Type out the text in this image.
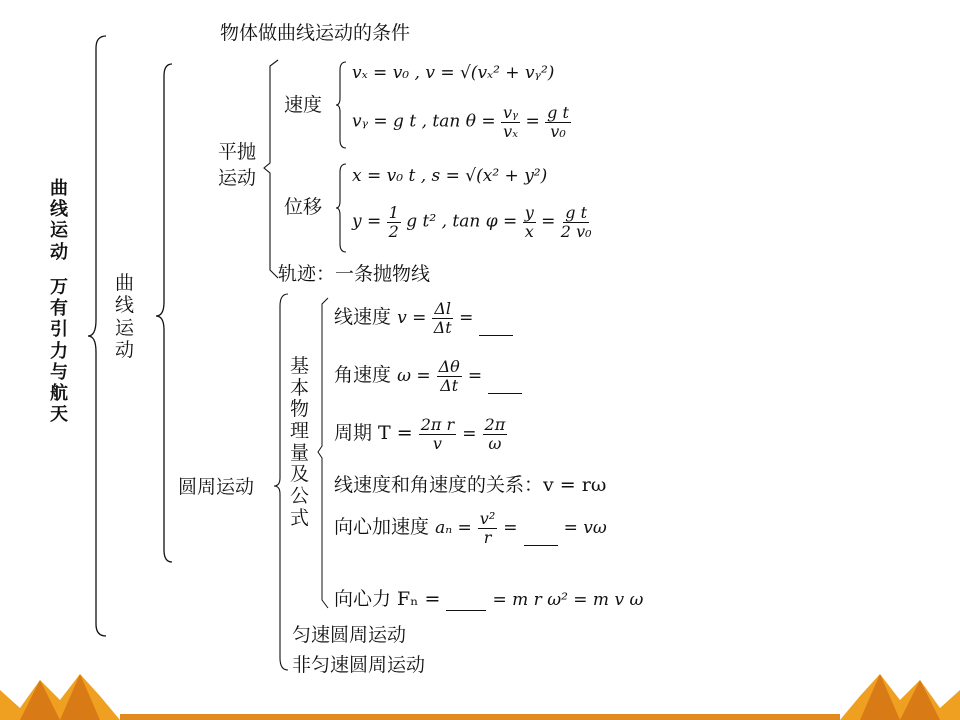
曲
线
运
动
万
有
引
力
与
航
天
曲
线
运
动
物体做曲线运动的条件
平抛运动
速度
vₓ = v₀ , v = √(vₓ² + vᵧ²)
vᵧ = g t , $\tan \theta = \frac{\text{vᵧ}}{\text{vₓ}} = \frac{\text{g t}}{\text{v₀}}$
位移
x = v₀ t , s = √(x² + y²)
$y = \frac{1}{2}$ g t² , $\tan \varphi = \frac{y}{x} = \frac{\text{g t}}{\text{2 v₀}}$
轨迹：一条抛物线
圆周运动
基
本
物
理
量
及
公
式
线速度 $v = \frac{\Delta l}{\Delta t}$ =
角速度 $\omega = \frac{\Delta\theta}{\Delta t}$ =
周期 $T = \frac{\text{2π r}}{v} = \frac{2\pi}{\omega}$
线速度和角速度的关系：v = rω
向心加速度 $a_n = \frac{\text{v²}}{r}$ =	= vω
向心力 Fₙ =	= m r ω² = m v ω
匀速圆周运动
非匀速圆周运动
